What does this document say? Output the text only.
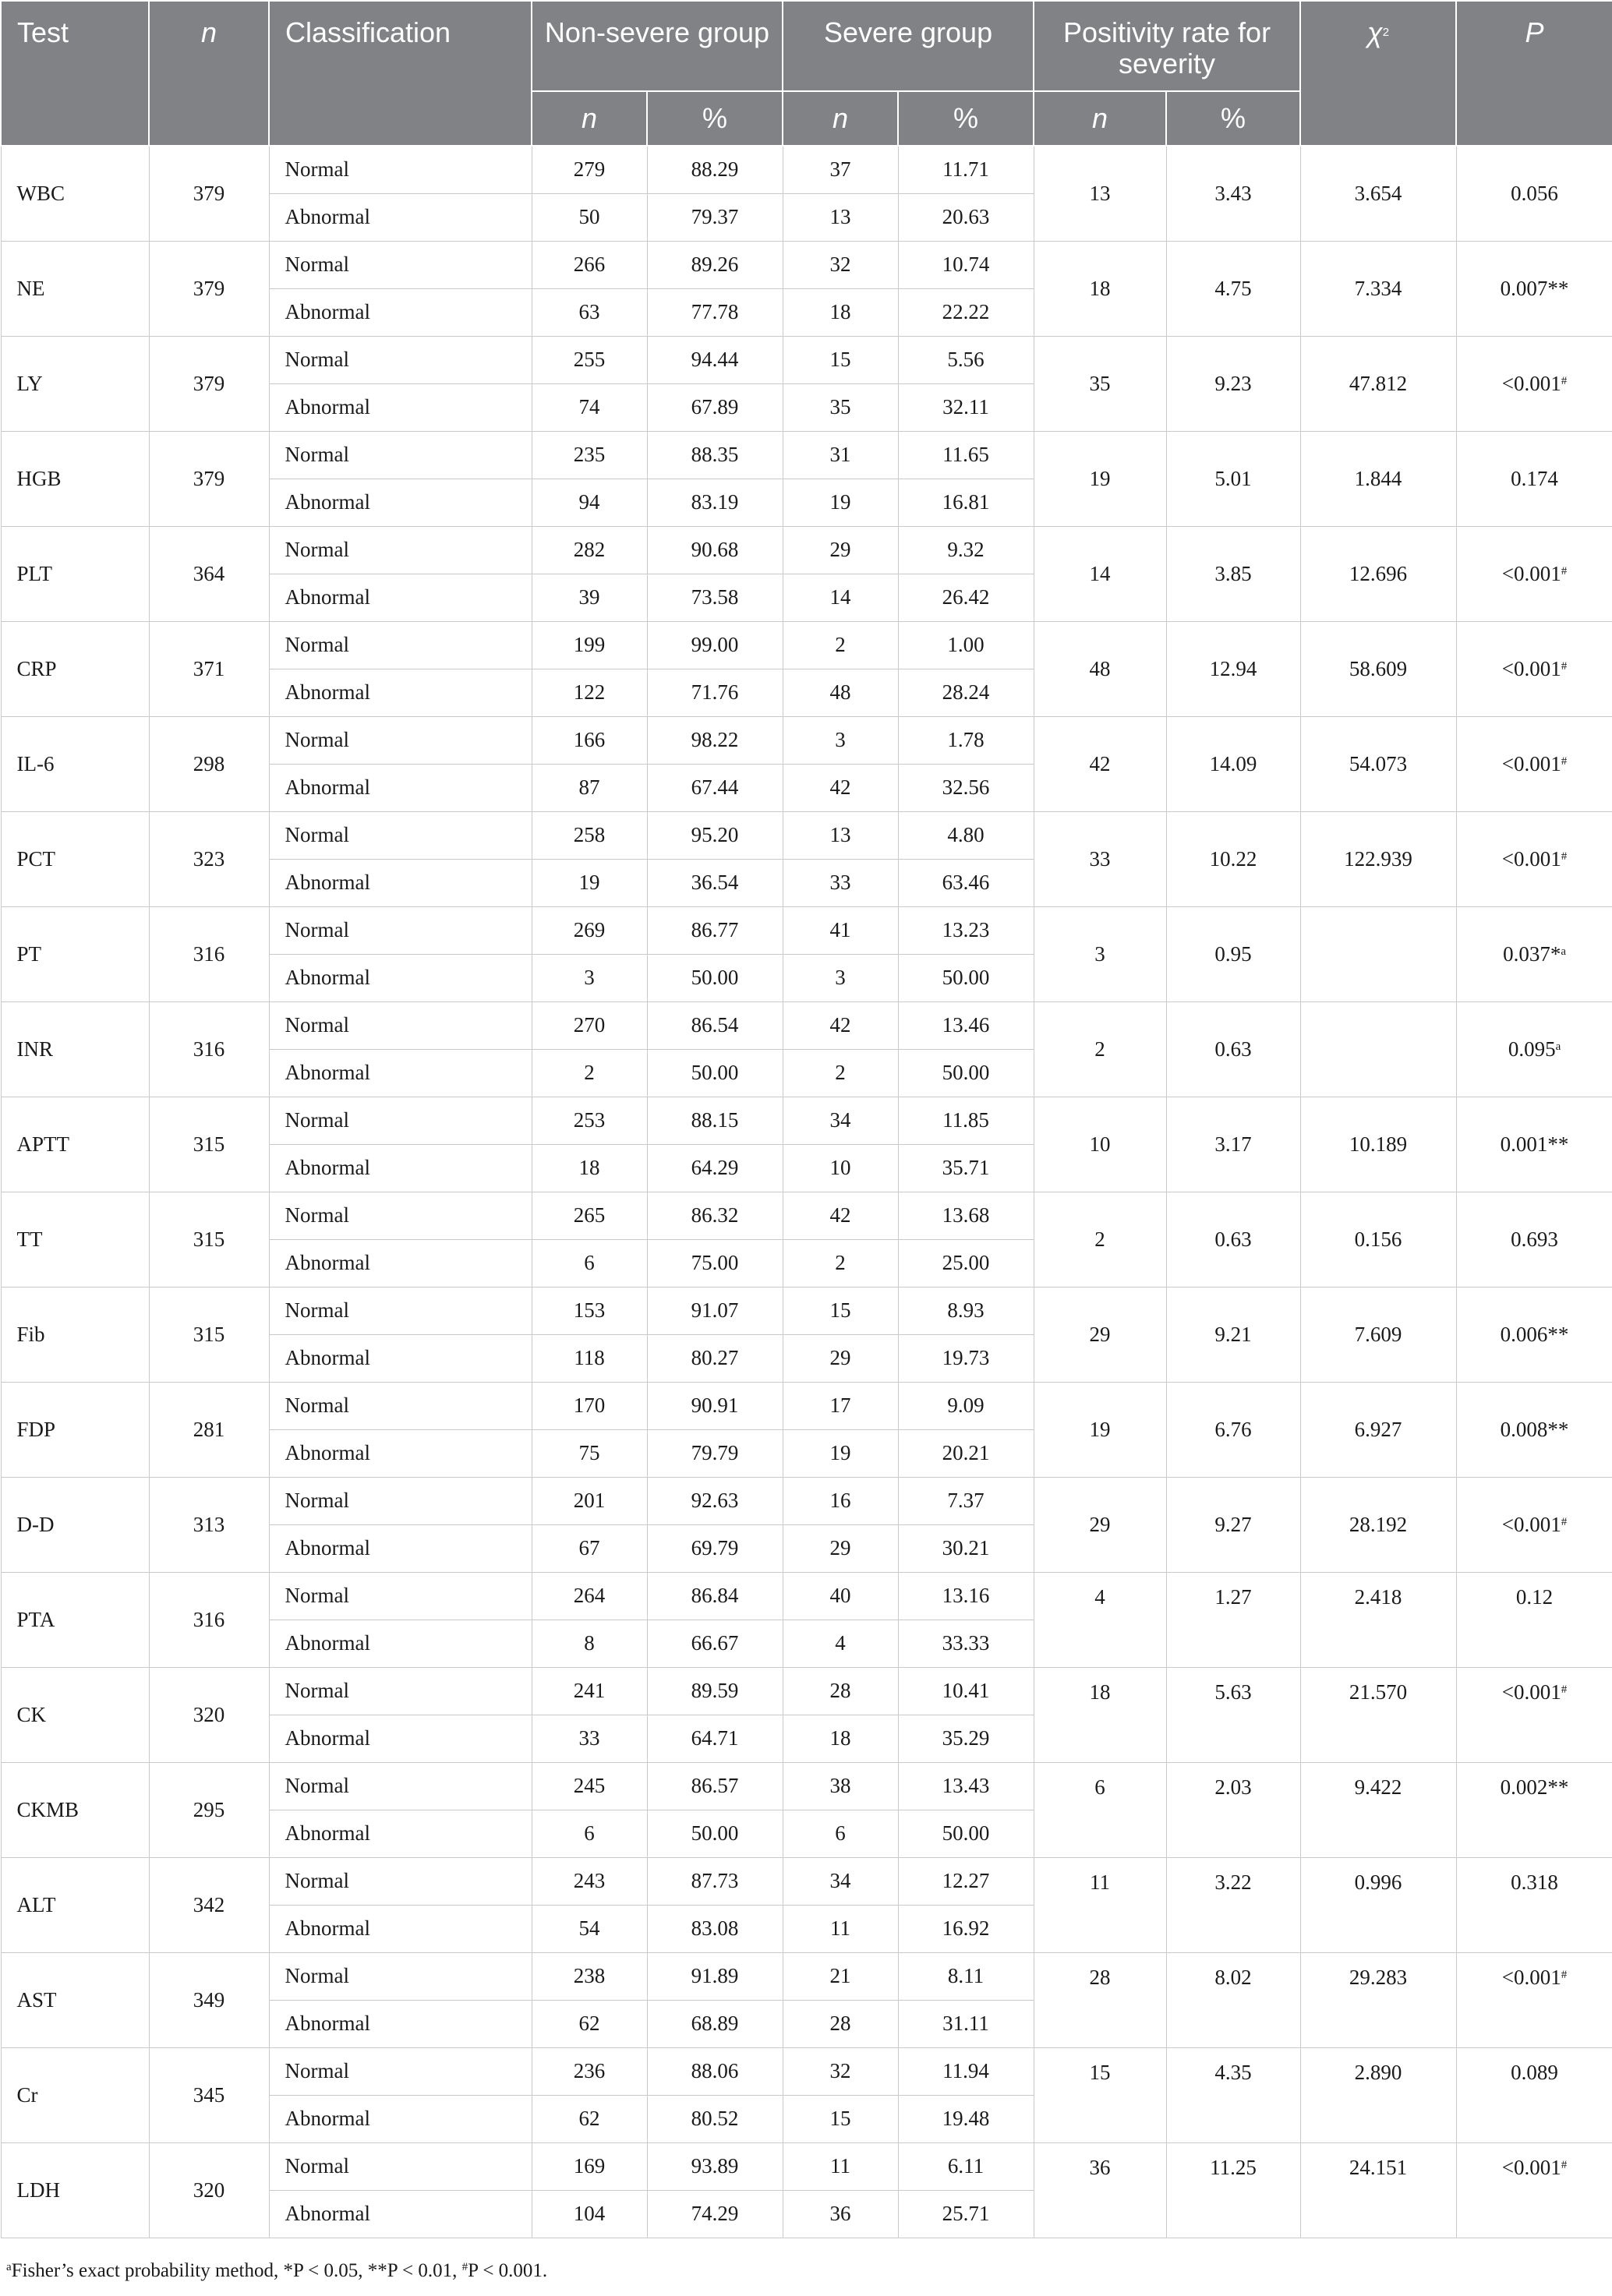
Test	n	Classification	Non-severe group		Severe group		Positivity rate for severity		$\chi^2$	P
			n	%	n	%	n	%		
WBC	379	Normal	279	88.29	37	11.71	13	3.43	3.654	0.056
		Abnormal	50	79.37	13	20.63				
NE	379	Normal	266	89.26	32	10.74	18	4.75	7.334	0.007**
		Abnormal	63	77.78	18	22.22				
LY	379	Normal	255	94.44	15	5.56	35	9.23	47.812	<0.001#
		Abnormal	74	67.89	35	32.11				
HGB	379	Normal	235	88.35	31	11.65	19	5.01	1.844	0.174
		Abnormal	94	83.19	19	16.81				
PLT	364	Normal	282	90.68	29	9.32	14	3.85	12.696	<0.001#
		Abnormal	39	73.58	14	26.42				
CRP	371	Normal	199	99.00	2	1.00	48	12.94	58.609	<0.001#
		Abnormal	122	71.76	48	28.24				
IL-6	298	Normal	166	98.22	3	1.78	42	14.09	54.073	<0.001#
		Abnormal	87	67.44	42	32.56				
PCT	323	Normal	258	95.20	13	4.80	33	10.22	122.939	<0.001#
		Abnormal	19	36.54	33	63.46				
PT	316	Normal	269	86.77	41	13.23	3	0.95		0.037*$^a$
		Abnormal	3	50.00	3	50.00				
INR	316	Normal	270	86.54	42	13.46	2	0.63		0.095$^a$
		Abnormal	2	50.00	2	50.00				
APTT	315	Normal	253	88.15	34	11.85	10	3.17	10.189	0.001**
		Abnormal	18	64.29	10	35.71				
TT	315	Normal	265	86.32	42	13.68	2	0.63	0.156	0.693
		Abnormal	6	75.00	2	25.00				
Fib	315	Normal	153	91.07	15	8.93	29	9.21	7.609	0.006**
		Abnormal	118	80.27	29	19.73				
FDP	281	Normal	170	90.91	17	9.09	19	6.76	6.927	0.008**
		Abnormal	75	79.79	19	20.21				
D-D	313	Normal	201	92.63	16	7.37	29	9.27	28.192	<0.001#
		Abnormal	67	69.79	29	30.21				
PTA	316	Normal	264	86.84	40	13.16	4	1.27	2.418	0.12
		Abnormal	8	66.67	4	33.33				
CK	320	Normal	241	89.59	28	10.41	18	5.63	21.570	<0.001#
		Abnormal	33	64.71	18	35.29				
CKMB	295	Normal	245	86.57	38	13.43	6	2.03	9.422	0.002**
		Abnormal	6	50.00	6	50.00				
ALT	342	Normal	243	87.73	34	12.27	11	3.22	0.996	0.318
		Abnormal	54	83.08	11	16.92				
AST	349	Normal	238	91.89	21	8.11	28	8.02	29.283	<0.001#
		Abnormal	62	68.89	28	31.11				
Cr	345	Normal	236	88.06	32	11.94	15	4.35	2.890	0.089
		Abnormal	62	80.52	15	19.48				
LDH	320	Normal	169	93.89	11	6.11	36	11.25	24.151	<0.001#
		Abnormal	104	74.29	36	25.71				

$^a$Fisher’s exact probability method, *P < 0.05, **P < 0.01, #P < 0.001.
